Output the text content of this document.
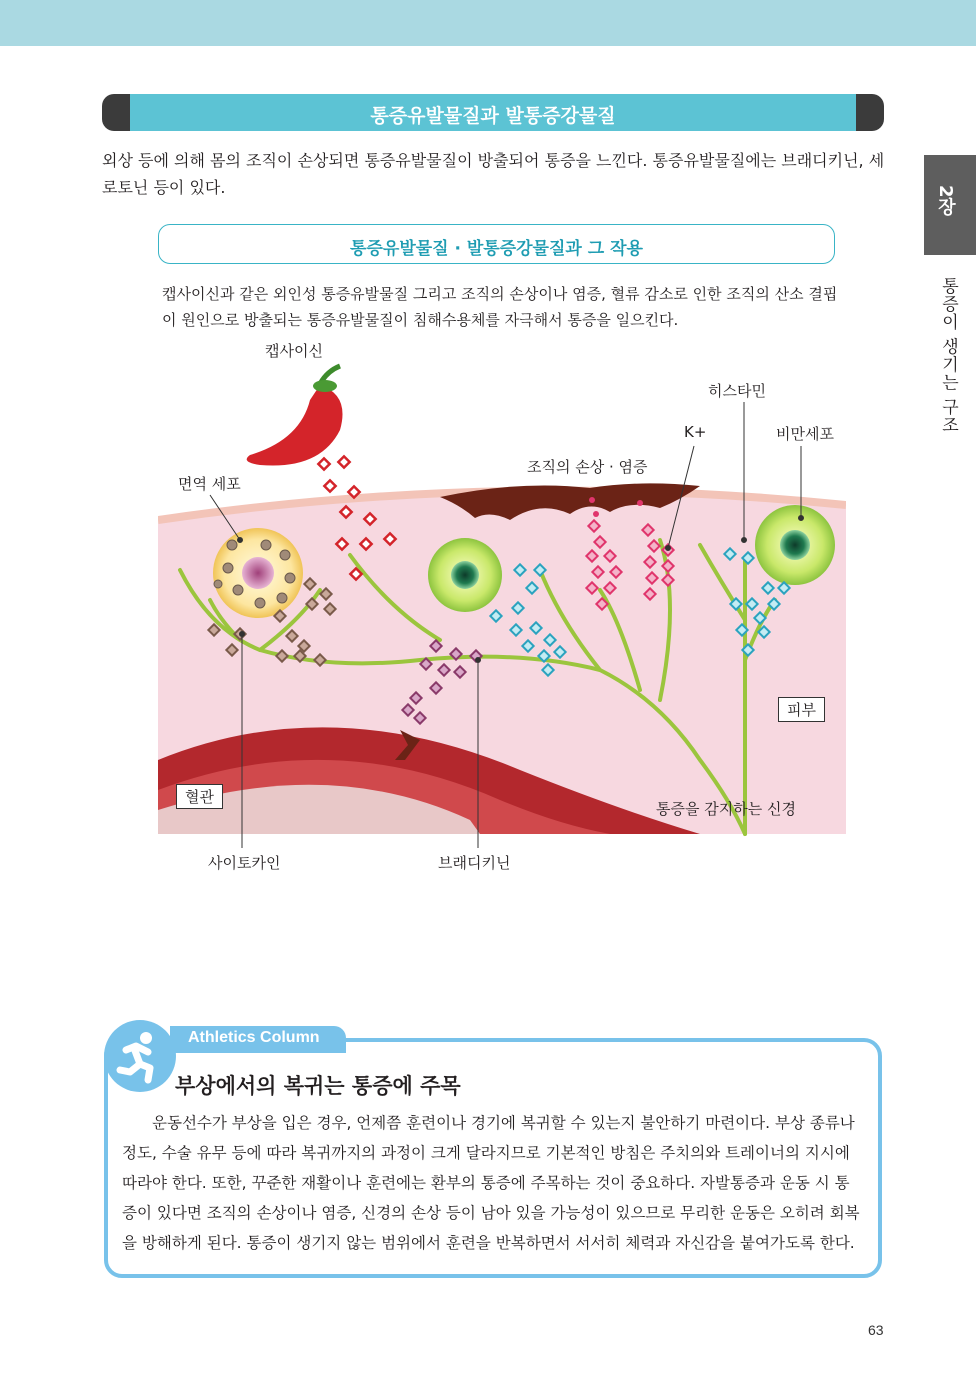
통증유발물질과 발통증강물질

외상 등에 의해 몸의 조직이 손상되면 통증유발물질이 방출되어 통증을 느낀다. 통증유발물질에는 브래디키닌, 세로토닌 등이 있다.	2장
통증이 생기는 구조
통증유발물질 · 발통증강물질과 그 작용

캡사이신과 같은 외인성 통증유발물질 그리고 조직의 손상이나 염증, 혈류 감소로 인한 조직의 산소 결핍이 원인으로 방출되는 통증유발물질이 침해수용체를 자극해서 통증을 일으킨다.

캡사이신
히스타민
K+	비만세포
조직의 손상 · 염증
면역 세포
피부
혈관
통증을 감지하는 신경
사이토카인	브래디키닌
Athletics Column
부상에서의 복귀는 통증에 주목

운동선수가 부상을 입은 경우, 언제쯤 훈련이나 경기에 복귀할 수 있는지 불안하기 마련이다. 부상 종류나 정도, 수술 유무 등에 따라 복귀까지의 과정이 크게 달라지므로 기본적인 방침은 주치의와 트레이너의 지시에 따라야 한다. 또한, 꾸준한 재활이나 훈련에는 환부의 통증에 주목하는 것이 중요하다. 자발통증과 운동 시 통증이 있다면 조직의 손상이나 염증, 신경의 손상 등이 남아 있을 가능성이 있으므로 무리한 운동은 오히려 회복을 방해하게 된다. 통증이 생기지 않는 범위에서 훈련을 반복하면서 서서히 체력과 자신감을 붙여가도록 한다.

63
